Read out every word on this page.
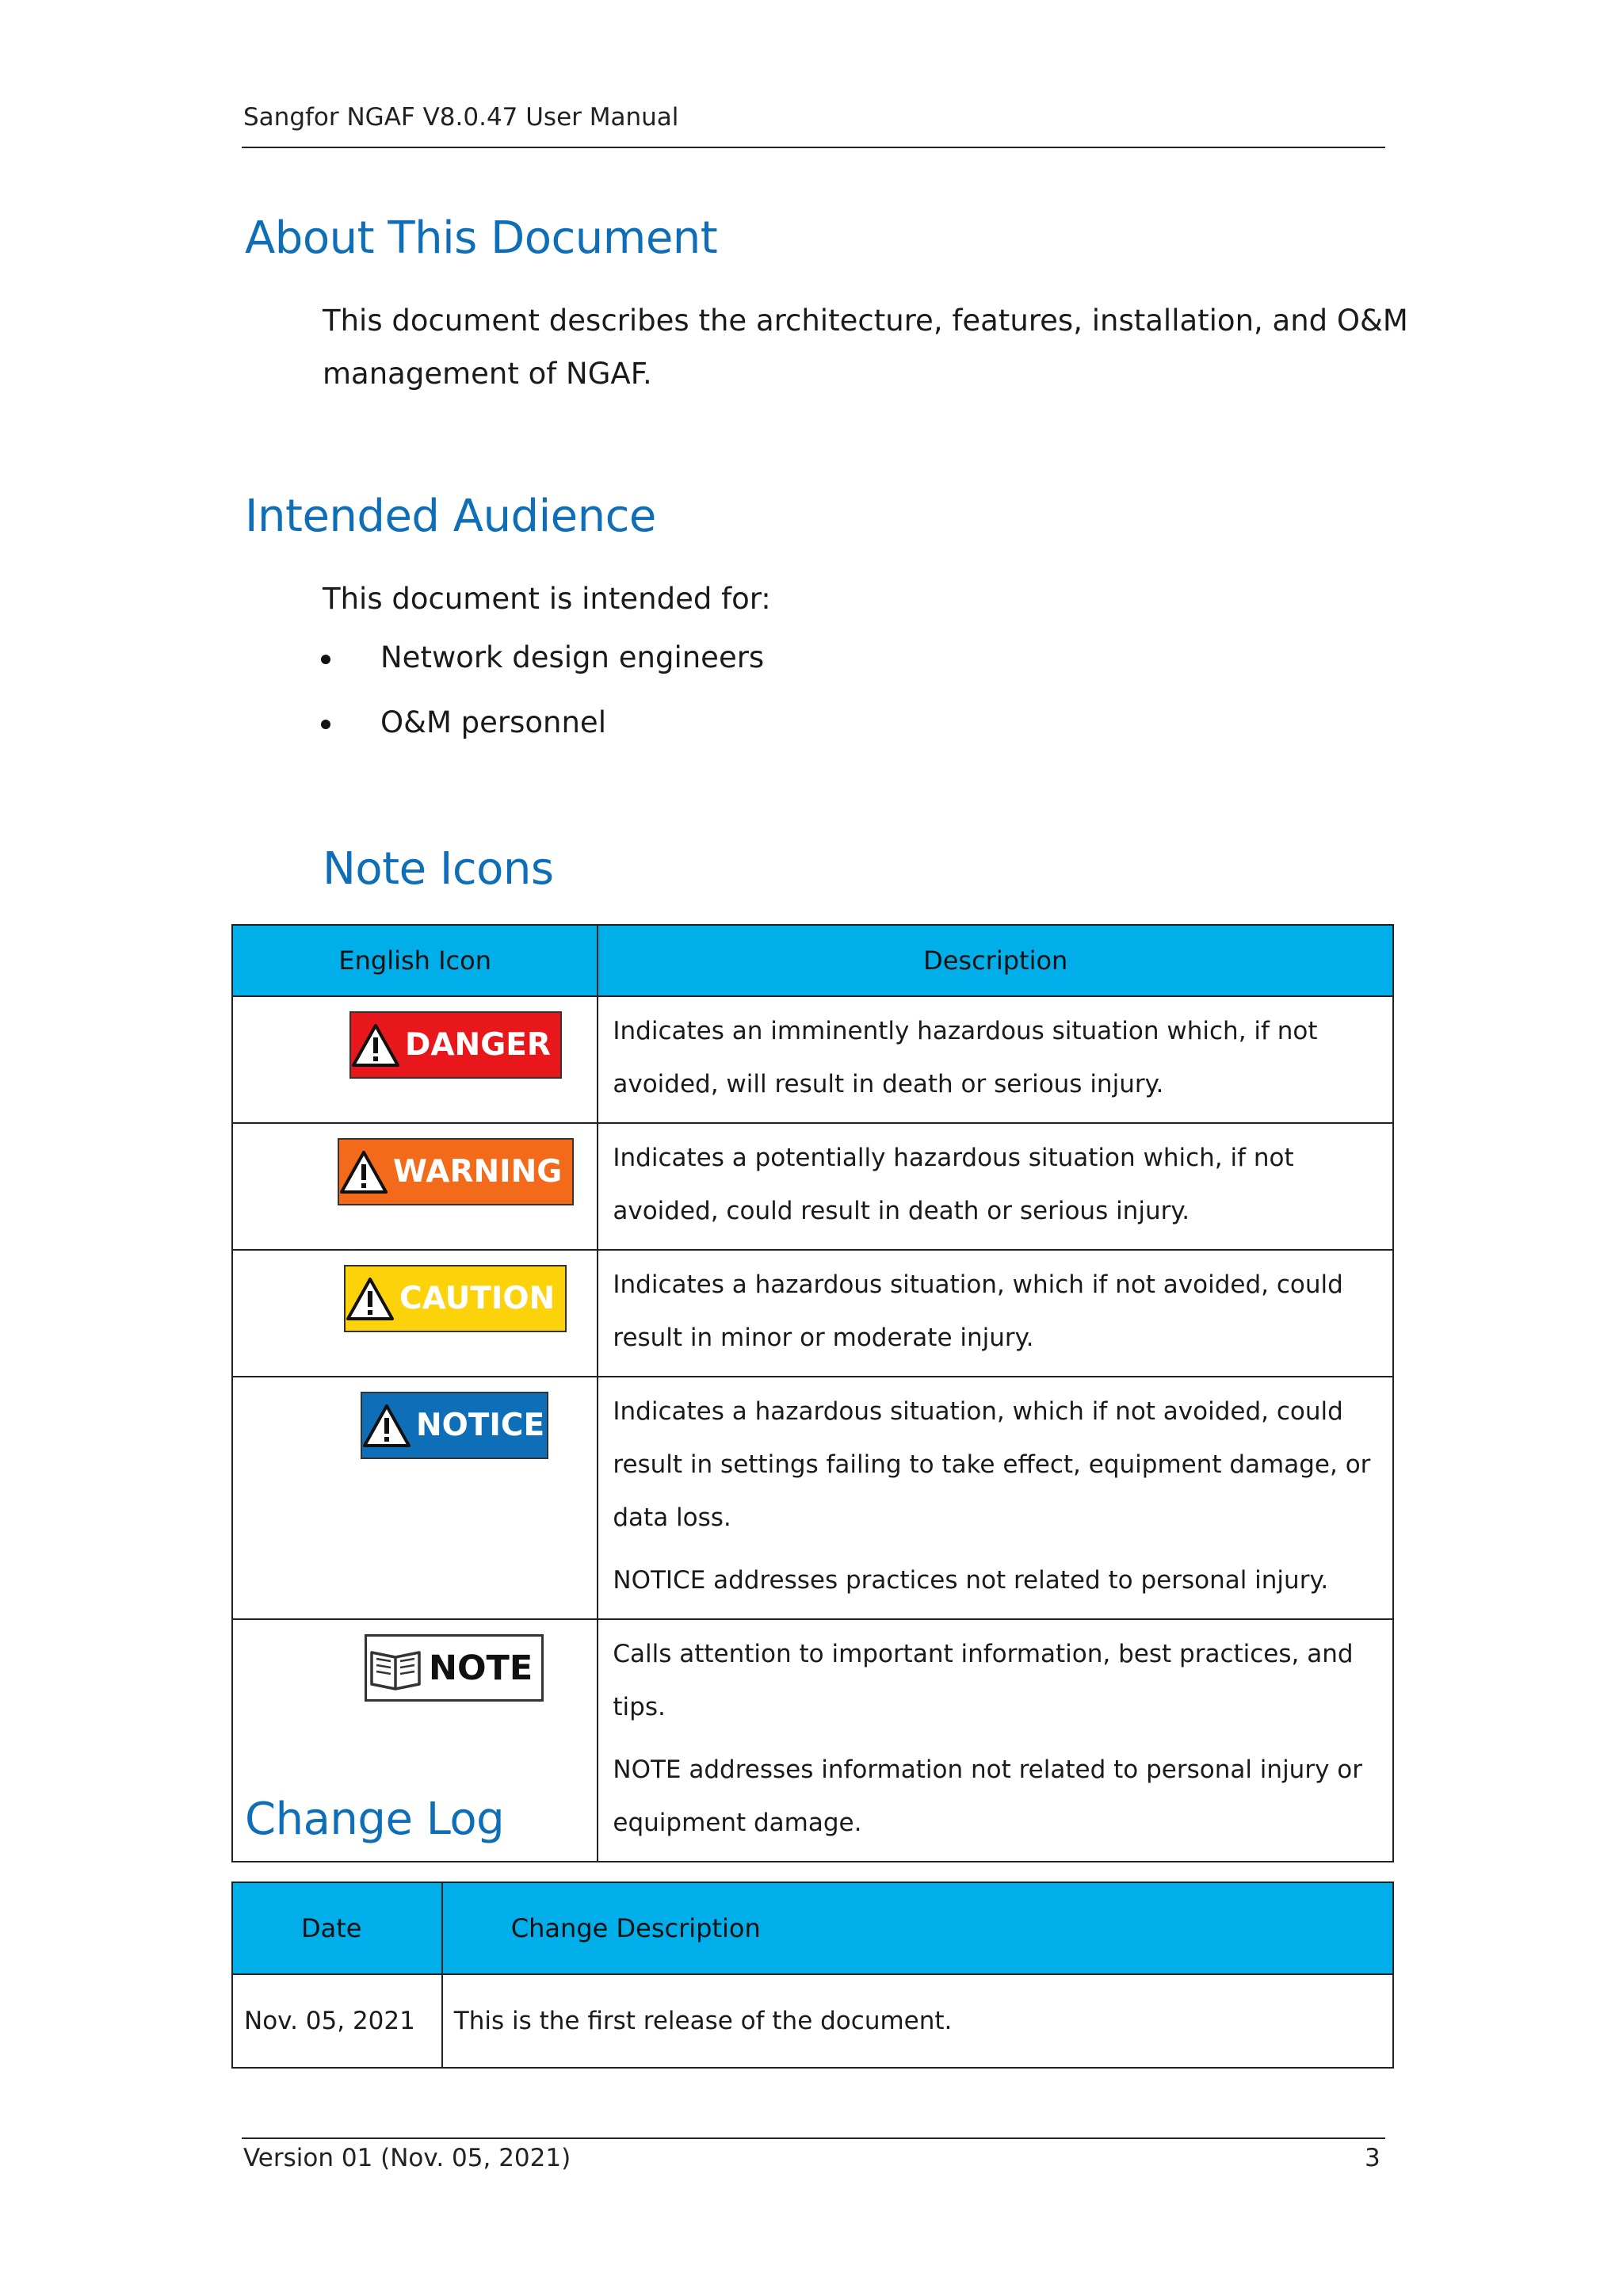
Sangfor NGAF V8.0.47 User Manual
About This Document
This document describes the architecture, features, installation, and O&M
management of NGAF.
Intended Audience
This document is intended for:
Network design engineers
O&M personnel
Note Icons
English Icon	Description

DANGER	Indicates an imminently hazardous situation which, if not avoided, will result in death or serious injury.

WARNING	Indicates a potentially hazardous situation which, if not avoided, could result in death or serious injury.

CAUTION	Indicates a hazardous situation, which if not avoided, could result in minor or moderate injury.

NOTICE	Indicates a hazardous situation, which if not avoided, could result in settings failing to take effect, equipment damage, or data loss.

NOTICE addresses practices not related to personal injury.

NOTE	Calls attention to important information, best practices, and tips.

NOTE addresses information not related to personal injury or equipment damage.

Change Log
Date	Change Description
Nov. 05, 2021	This is the first release of the document.
Version 01 (Nov. 05, 2021)	3
